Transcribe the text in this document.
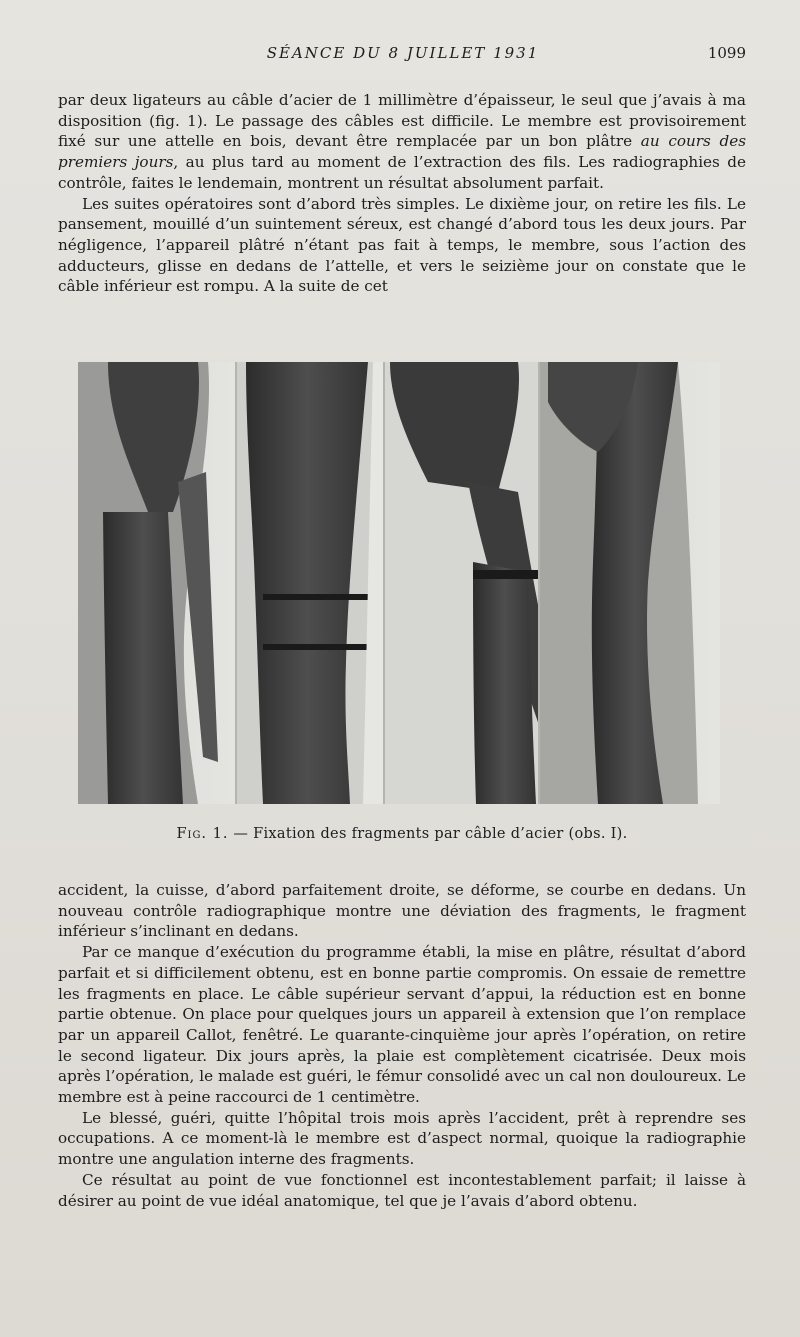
SÉANCE DU 8 JUILLET 1931	1099

par deux ligateurs au câble d’acier de 1 millimètre d’épaisseur, le seul que j’avais à ma disposition (fig. 1). Le passage des câbles est difficile. Le membre est provisoirement fixé sur une attelle en bois, devant être remplacée par un bon plâtre au cours des premiers jours, au plus tard au moment de l’extraction des fils. Les radiographies de contrôle, faites le lendemain, montrent un résultat absolument parfait.

Les suites opératoires sont d’abord très simples. Le dixième jour, on retire les fils. Le pansement, mouillé d’un suintement séreux, est changé d’abord tous les deux jours. Par négligence, l’appareil plâtré n’étant pas fait à temps, le membre, sous l’action des adducteurs, glisse en dedans de l’attelle, et vers le seizième jour on constate que le câble inférieur est rompu. A la suite de cet

Fig. 1. — Fixation des fragments par câble d’acier (obs. I).

accident, la cuisse, d’abord parfaitement droite, se déforme, se courbe en dedans. Un nouveau contrôle radiographique montre une déviation des fragments, le fragment inférieur s’inclinant en dedans.

Par ce manque d’exécution du programme établi, la mise en plâtre, résultat d’abord parfait et si difficilement obtenu, est en bonne partie compromis. On essaie de remettre les fragments en place. Le câble supérieur servant d’appui, la réduction est en bonne partie obtenue. On place pour quelques jours un appareil à extension que l’on remplace par un appareil Callot, fenêtré. Le quarante-cinquième jour après l’opération, on retire le second ligateur. Dix jours après, la plaie est complètement cicatrisée. Deux mois après l’opération, le malade est guéri, le fémur consolidé avec un cal non douloureux. Le membre est à peine raccourci de 1 centimètre.

Le blessé, guéri, quitte l’hôpital trois mois après l’accident, prêt à reprendre ses occupations. A ce moment-là le membre est d’aspect normal, quoique la radiographie montre une angulation interne des fragments.

Ce résultat au point de vue fonctionnel est incontestablement parfait; il laisse à désirer au point de vue idéal anatomique, tel que je l’avais d’abord obtenu.
